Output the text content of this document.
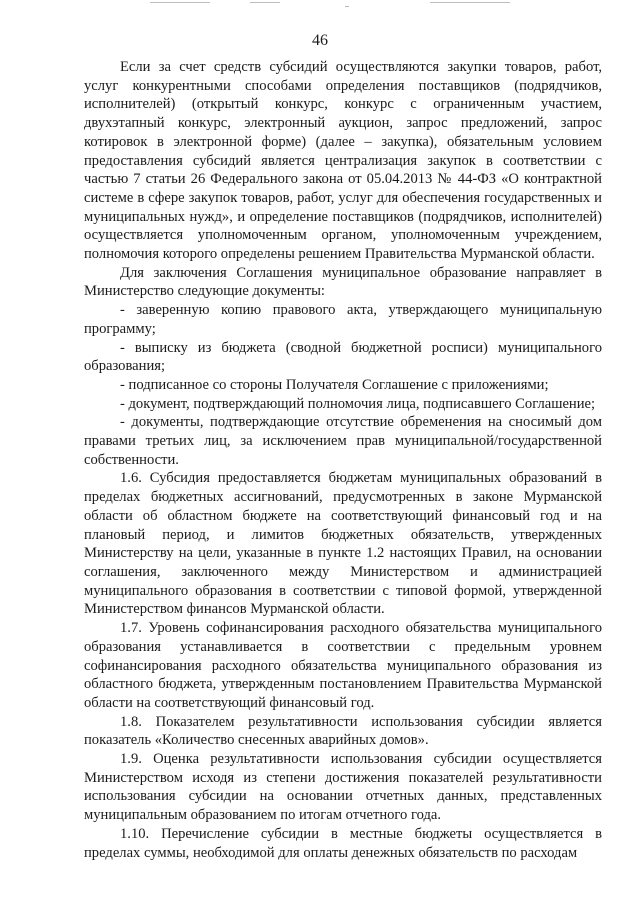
46

Если за счет средств субсидий осуществляются закупки товаров, работ, услуг конкурентными способами определения поставщиков (подрядчиков, исполнителей) (открытый конкурс, конкурс с ограниченным участием, двухэтапный конкурс, электронный аукцион, запрос предложений, запрос котировок в электронной форме) (далее – закупка), обязательным условием предоставления субсидий является централизация закупок в соответствии с частью 7 статьи 26 Федерального закона от 05.04.2013 № 44-ФЗ «О контрактной системе в сфере закупок товаров, работ, услуг для обеспечения государственных и муниципальных нужд», и определение поставщиков (подрядчиков, исполнителей) осуществляется уполномоченным органом, уполномоченным учреждением, полномочия которого определены решением Правительства Мурманской области.

Для заключения Соглашения муниципальное образование направляет в Министерство следующие документы:

- заверенную копию правового акта, утверждающего муниципальную программу;

- выписку из бюджета (сводной бюджетной росписи) муниципального образования;

- подписанное со стороны Получателя Соглашение с приложениями;

- документ, подтверждающий полномочия лица, подписавшего Соглашение;

- документы, подтверждающие отсутствие обременения на сносимый дом правами третьих лиц, за исключением прав муниципальной/государственной собственности.

1.6. Субсидия предоставляется бюджетам муниципальных образований в пределах бюджетных ассигнований, предусмотренных в законе Мурманской области об областном бюджете на соответствующий финансовый год и на плановый период, и лимитов бюджетных обязательств, утвержденных Министерству на цели, указанные в пункте 1.2 настоящих Правил, на основании соглашения, заключенного между Министерством и администрацией муниципального образования в соответствии с типовой формой, утвержденной Министерством финансов Мурманской области.

1.7. Уровень софинансирования расходного обязательства муниципального образования устанавливается в соответствии с предельным уровнем софинансирования расходного обязательства муниципального образования из областного бюджета, утвержденным постановлением Правительства Мурманской области на соответствующий финансовый год.

1.8. Показателем результативности использования субсидии является показатель «Количество снесенных аварийных домов».

1.9. Оценка результативности использования субсидии осуществляется Министерством исходя из степени достижения показателей результативности использования субсидии на основании отчетных данных, представленных муниципальным образованием по итогам отчетного года.

1.10. Перечисление субсидии в местные бюджеты осуществляется в пределах суммы, необходимой для оплаты денежных обязательств по расходам
